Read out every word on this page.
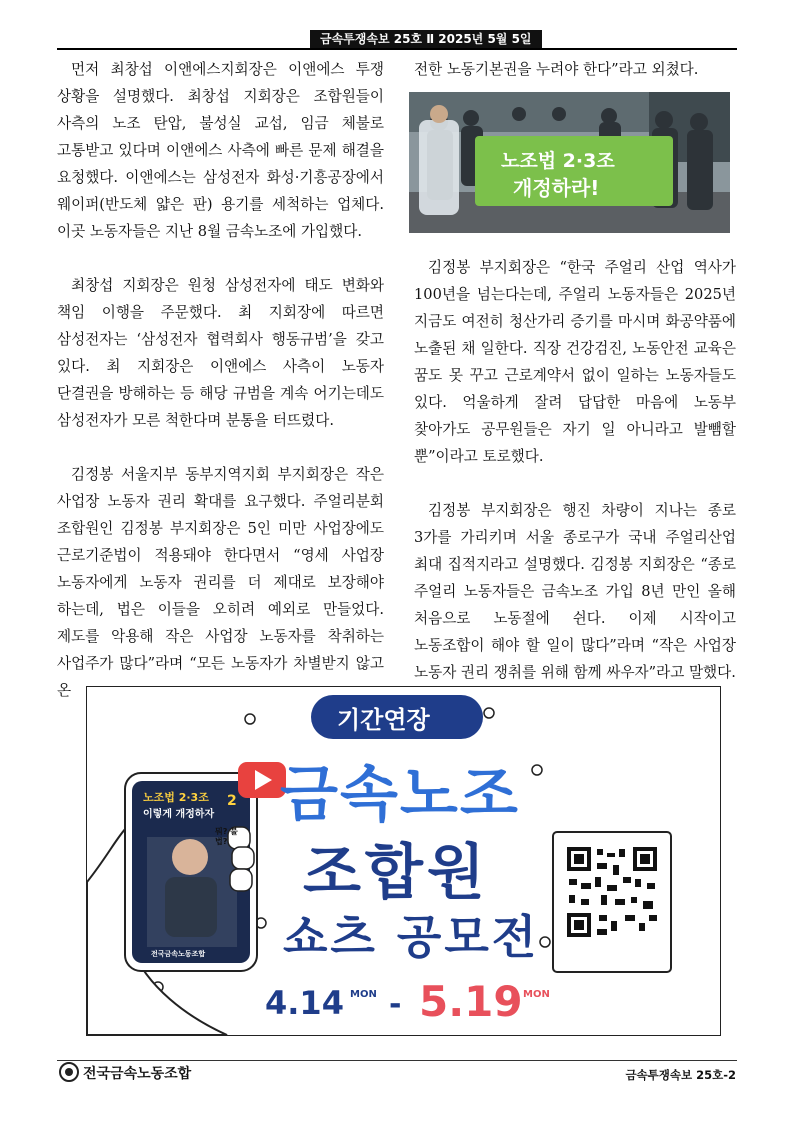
금속투쟁속보 25호 Ⅱ 2025년 5월 5일

먼저 최창섭 이앤에스지회장은 이앤에스 투쟁 상황을 설명했다. 최창섭 지회장은 조합원들이 사측의 노조 탄압, 불성실 교섭, 임금 체불로 고통받고 있다며 이앤에스 사측에 빠른 문제 해결을 요청했다. 이앤에스는 삼성전자 화성·기흥공장에서 웨이퍼(반도체 얇은 판) 용기를 세척하는 업체다. 이곳 노동자들은 지난 8월 금속노조에 가입했다.

최창섭 지회장은 원청 삼성전자에 태도 변화와 책임 이행을 주문했다. 최 지회장에 따르면 삼성전자는 ‘삼성전자 협력회사 행동규범’을 갖고 있다. 최 지회장은 이앤에스 사측이 노동자 단결권을 방해하는 등 해당 규범을 계속 어기는데도 삼성전자가 모른 척한다며 분통을 터뜨렸다.

김정봉 서울지부 동부지역지회 부지회장은 작은 사업장 노동자 권리 확대를 요구했다. 주얼리분회 조합원인 김정봉 부지회장은 5인 미만 사업장에도 근로기준법이 적용돼야 한다면서 “영세 사업장 노동자에게 노동자 권리를 더 제대로 보장해야 하는데, 법은 이들을 오히려 예외로 만들었다. 제도를 악용해 작은 사업장 노동자를 착취하는 사업주가 많다”라며 “모든 노동자가 차별받지 않고 온

전한 노동기본권을 누려야 한다”라고 외쳤다.

노조법 2·3조
개정하라!

김정봉 부지회장은 “한국 주얼리 산업 역사가 100년을 넘는다는데, 주얼리 노동자들은 2025년 지금도 여전히 청산가리 증기를 마시며 화공약품에 노출된 채 일한다. 직장 건강검진, 노동안전 교육은 꿈도 못 꾸고 근로계약서 없이 일하는 노동자들도 있다. 억울하게 잘려 답답한 마음에 노동부 찾아가도 공무원들은 자기 일 아니라고 발뺌할 뿐”이라고 토로했다.

김정봉 부지회장은 행진 차량이 지나는 종로 3가를 가리키며 서울 종로구가 국내 주얼리산업 최대 집적지라고 설명했다. 김정봉 지회장은 “종로 주얼리 노동자들은 금속노조 가입 8년 만인 올해 처음으로 노동절에 쉰다. 이제 시작이고 노동조합이 해야 할 일이 많다”라며 “작은 사업장 노동자 권리 쟁취를 위해 함께 싸우자”라고 말했다.

기간연장
금속노조
조합원
쇼츠 공모전
4.14 MON - 5.19 MON
노조법 2·3조
이렇게 개정하자
2
뭐? 불법?
전국금속노동조합
전국금속노동조합	금속투쟁속보 25호-2
